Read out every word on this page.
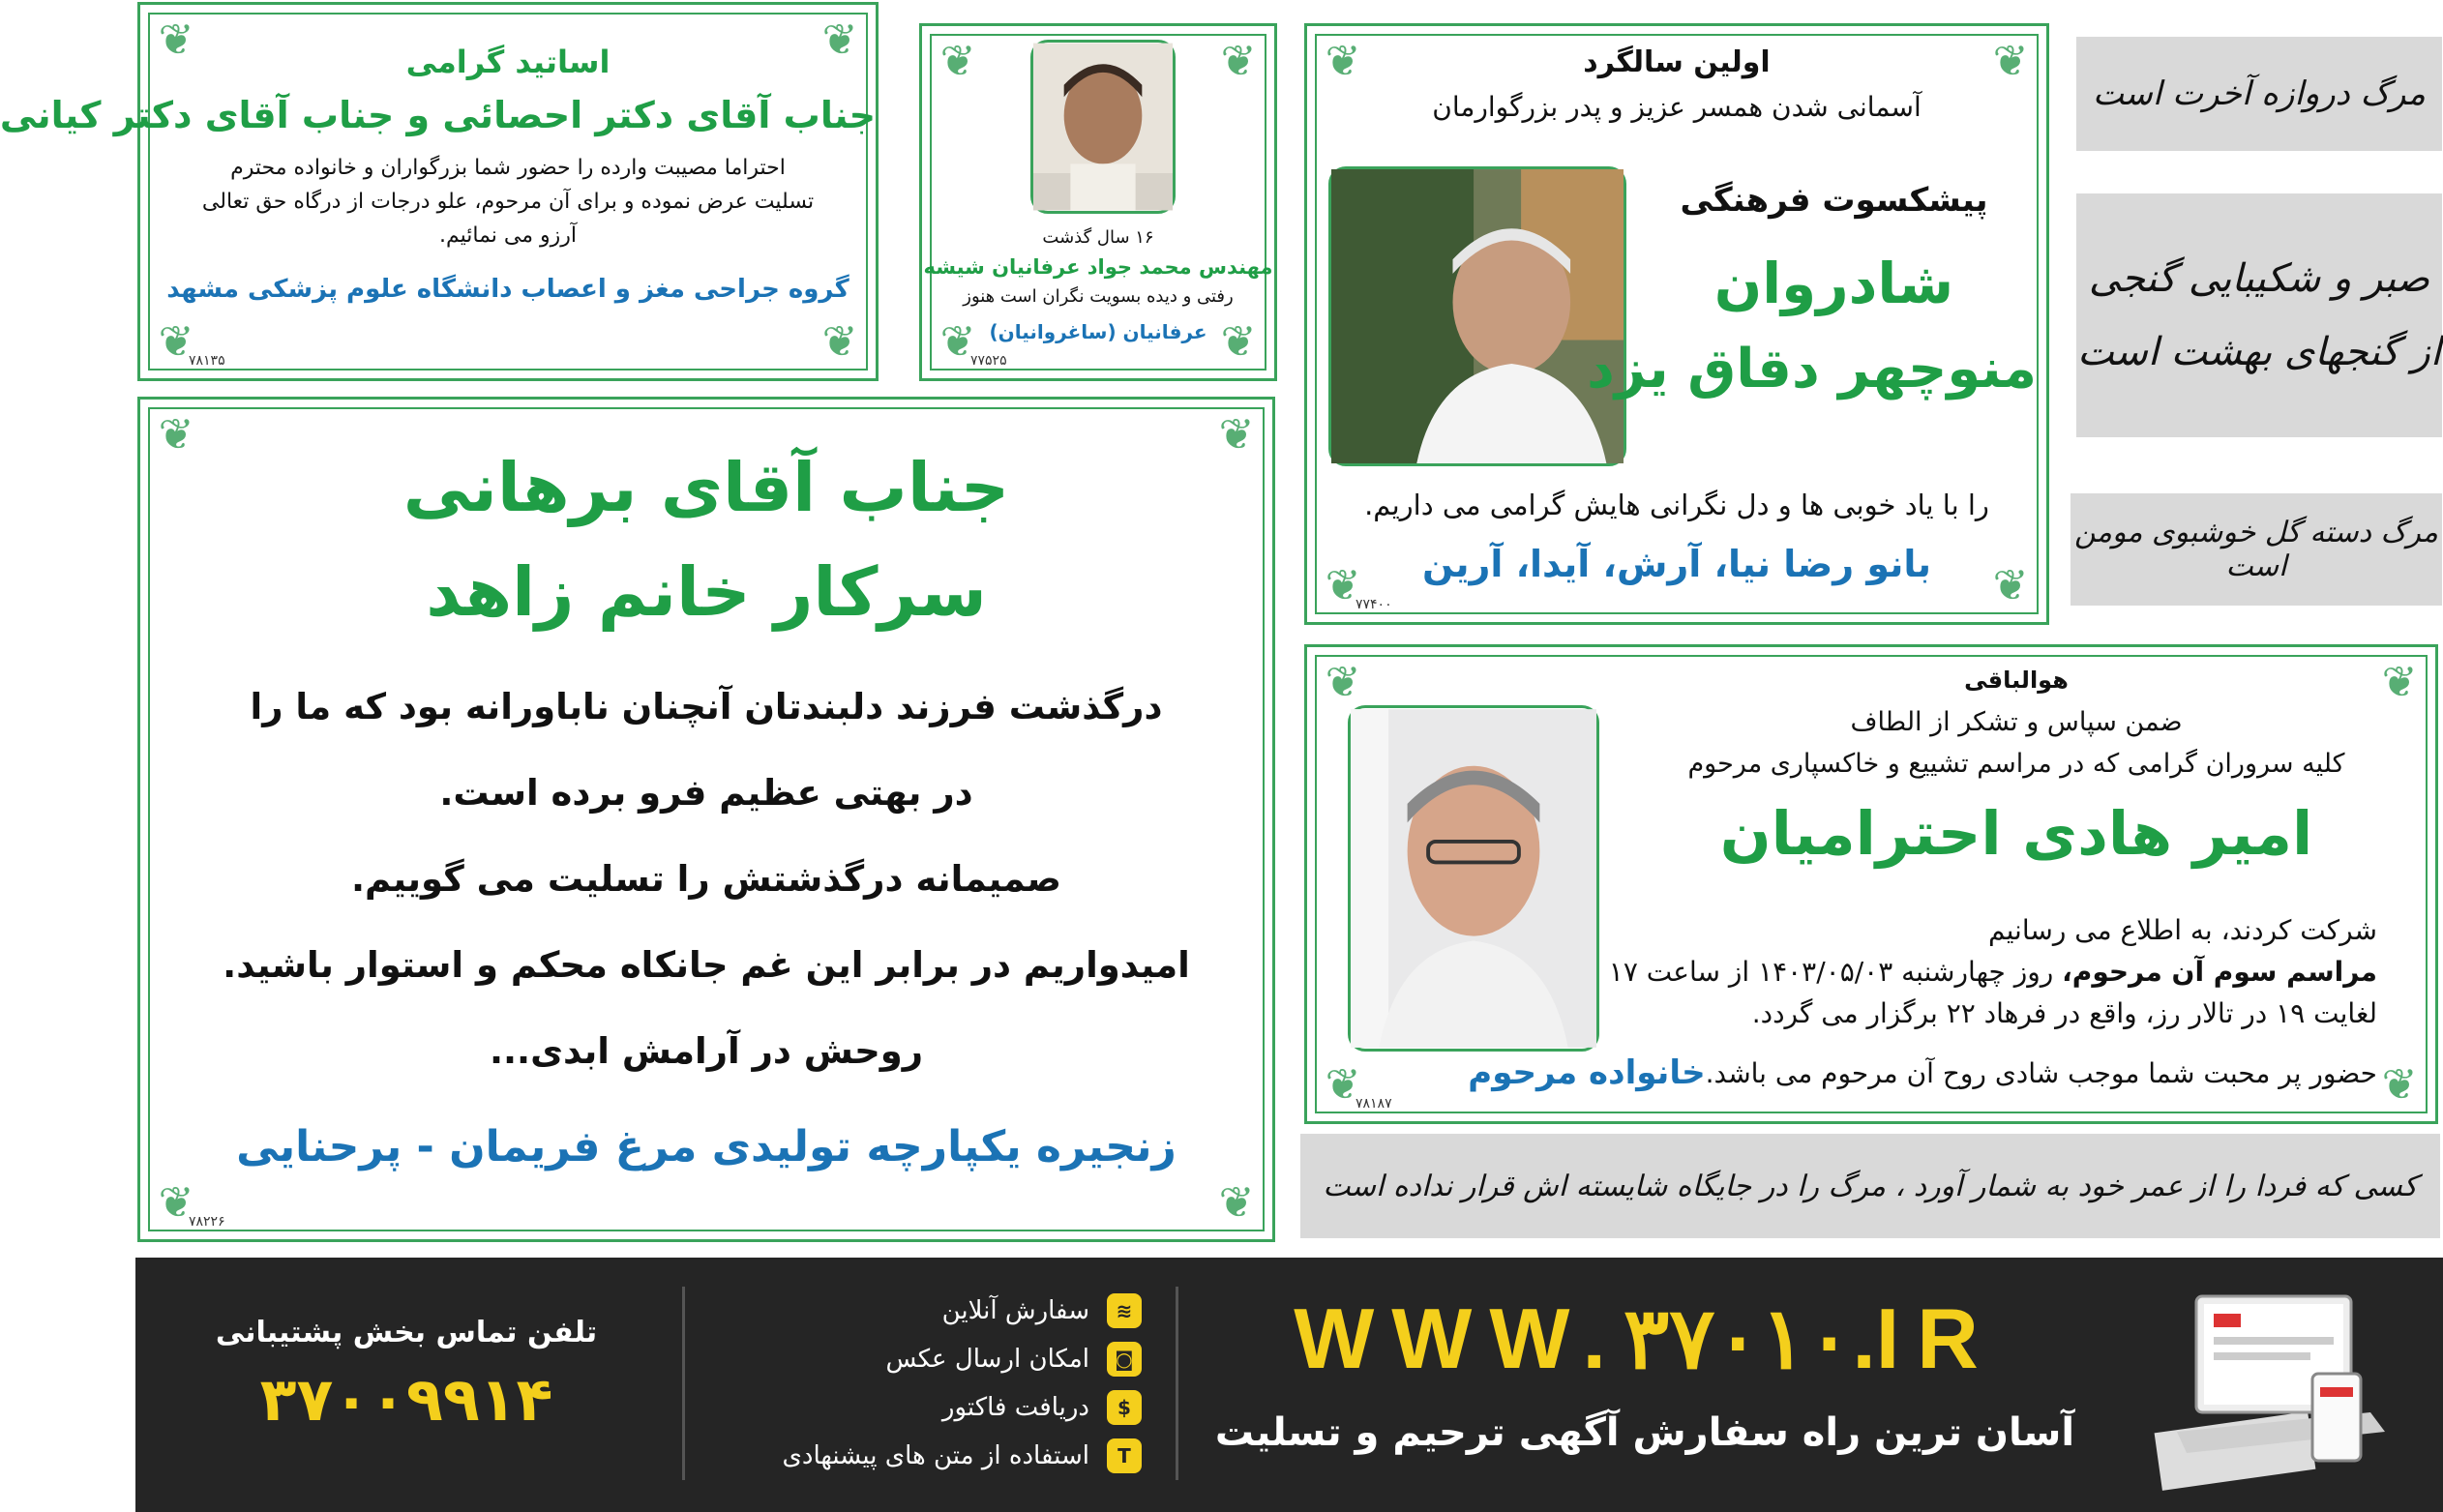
❦	❦
❦	❦
اساتید گرامی
جناب آقای دکتر احصائی و جناب آقای دکتر کیانی
احتراما مصیبت وارده را حضور شما بزرگواران و خانواده محترم
تسلیت عرض نموده و برای آن مرحوم، علو درجات از درگاه حق تعالی
آرزو می نمائیم.
گروه جراحی مغز و اعصاب دانشگاه علوم پزشکی مشهد
۷۸۱۳۵
❦	❦
❦	❦
۱۶ سال گذشت
مهندس محمد جواد عرفانیان شیشه
رفتی و دیده بسویت نگران است هنوز
عرفانیان (ساغروانیان)
۷۷۵۲۵
❦	❦
❦	❦
اولین سالگرد
آسمانی شدن همسر عزیز و پدر بزرگوارمان
پیشکسوت فرهنگی
شادروان
منوچهر دقاق یزد
را با یاد خوبی ها و دل نگرانی هایش گرامی می داریم.
بانو رضا نیا، آرش، آیدا، آرین
۷۷۴۰۰
❦	❦
❦	❦
جناب آقای برهانی
سرکار خانم زاهد
درگذشت فرزند دلبندتان آنچنان ناباورانه بود که ما را
در بهتی عظیم فرو برده است.
صمیمانه درگذشتش را تسلیت می گوییم.
امیدواریم در برابر این غم جانکاه محکم و استوار باشید.
روحش در آرامش ابدی...
زنجیره یکپارچه تولیدی مرغ فریمان - پرحنایی
۷۸۲۲۶
❦	❦
❦	❦
هوالباقی
ضمن سپاس و تشکر از الطاف
کلیه سروران گرامی که در مراسم تشییع و خاکسپاری مرحوم
امیر هادی احترامیان
شرکت کردند، به اطلاع می رسانیم
مراسم سوم آن مرحوم، روز چهارشنبه ۱۴۰۳/۰۵/۰۳ از ساعت ۱۷
لغایت ۱۹ در تالار رز، واقع در فرهاد ۲۲ برگزار می گردد.
حضور پر محبت شما موجب شادی روح آن مرحوم می باشد.
خانواده مرحوم
۷۸۱۸۷
مرگ دروازه آخرت است
صبر و شکیبایی گنجی
از گنجهای بهشت است
مرگ دسته گل خوشبوی مومن است
کسی که فردا را از عمر خود به شمار آورد ، مرگ را در جایگاه شایسته اش قرار نداده است
WWW.۳۷۰۱۰.IR
آسان ترین راه سفارش آگهی ترحیم و تسلیت
≋
سفارش آنلاین
◙
امکان ارسال عکس
$
دریافت فاکتور
T
استفاده از متن های پیشنهادی
تلفن تماس بخش پشتیبانی
۳۷۰۰۹۹۱۴
